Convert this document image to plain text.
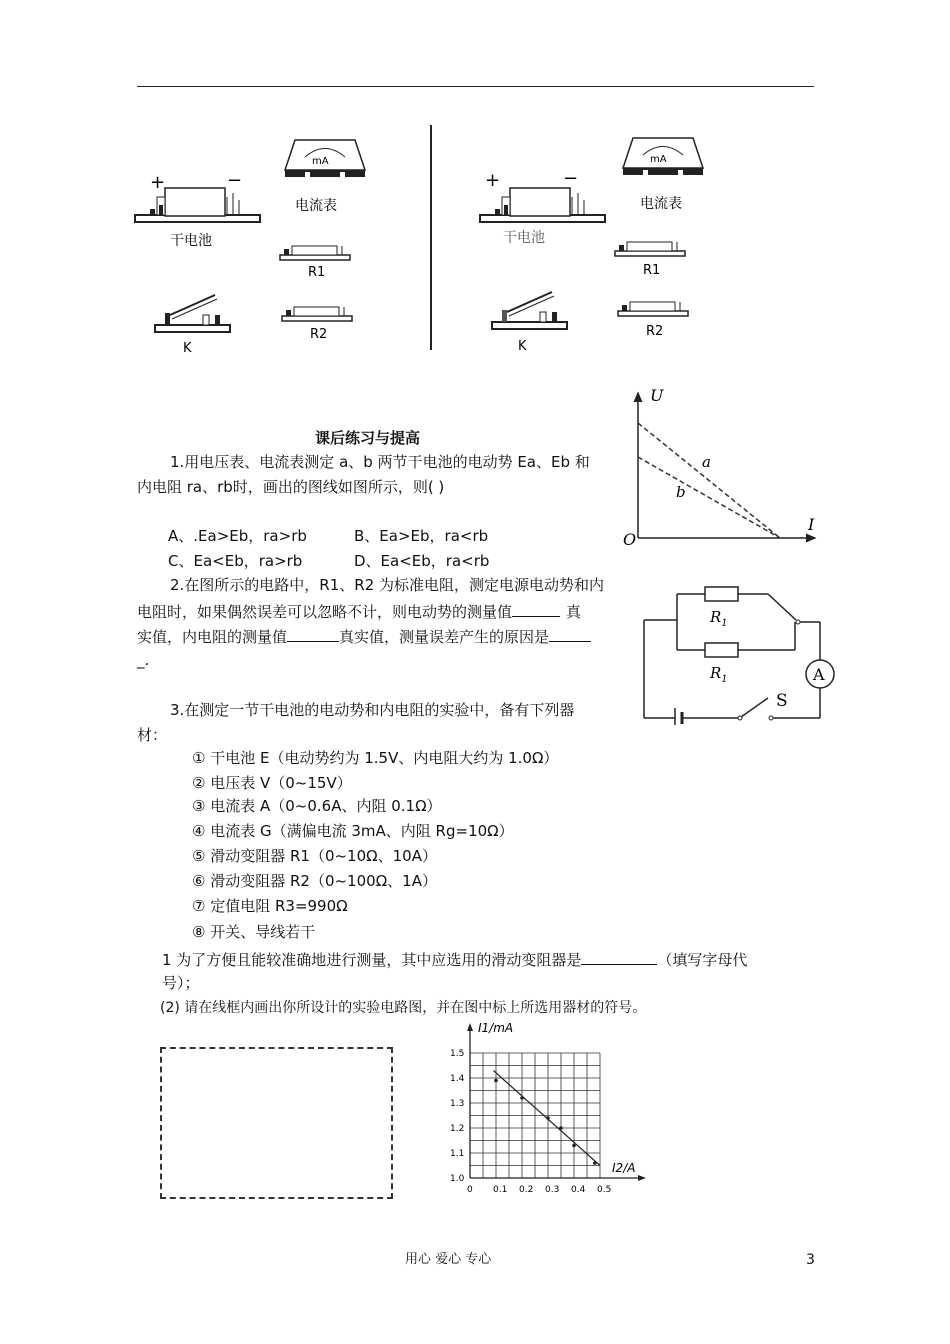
+	−
干电池
mA
电流表
R1
K
R2
+	−
干电池
mA
电流表
R1
K
R2
U
I
O
a
b
A
$R_1$
$R_1$
S
课后练习与提高
1.用电压表、电流表测定 a、b 两节干电池的电动势 Ea、Eb 和
内电阻 ra、rb时，画出的图线如图所示，则( )
A、.Ea>Eb，ra>rb	B、Ea>Eb，ra<rb
C、Ea<Eb，ra>rb	D、Ea<Eb，ra<rb
2.在图所示的电路中，R1、R2 为标准电阻，测定电源电动势和内
电阻时，如果偶然误差可以忽略不计，则电动势的测量值	真
实值，内电阻的测量值	真实值，测量误差产生的原因是
_.
3.在测定一节干电池的电动势和内电阻的实验中，备有下列器
材：
① 干电池 E（电动势约为 1.5V、内电阻大约为 1.0Ω）
② 电压表 V（0~15V）
③ 电流表 A（0~0.6A、内阻 0.1Ω）
④ 电流表 G（满偏电流 3mA、内阻 Rg=10Ω）
⑤ 滑动变阻器 R1（0~10Ω、10A）
⑥ 滑动变阻器 R2（0~100Ω、1A）
⑦ 定值电阻 R3=990Ω
⑧ 开关、导线若干
1 为了方便且能较准确地进行测量，其中应选用的滑动变阻器是	（填写字母代
号）；
(2) 请在线框内画出你所设计的实验电路图，并在图中标上所选用器材的符号。
0 0.1 0.2 0.3 0.4 0.5
1.0
1.1
1.2
1.3
1.4
1.5
I1/mA
I2/A
用心 爱心 专心	3
